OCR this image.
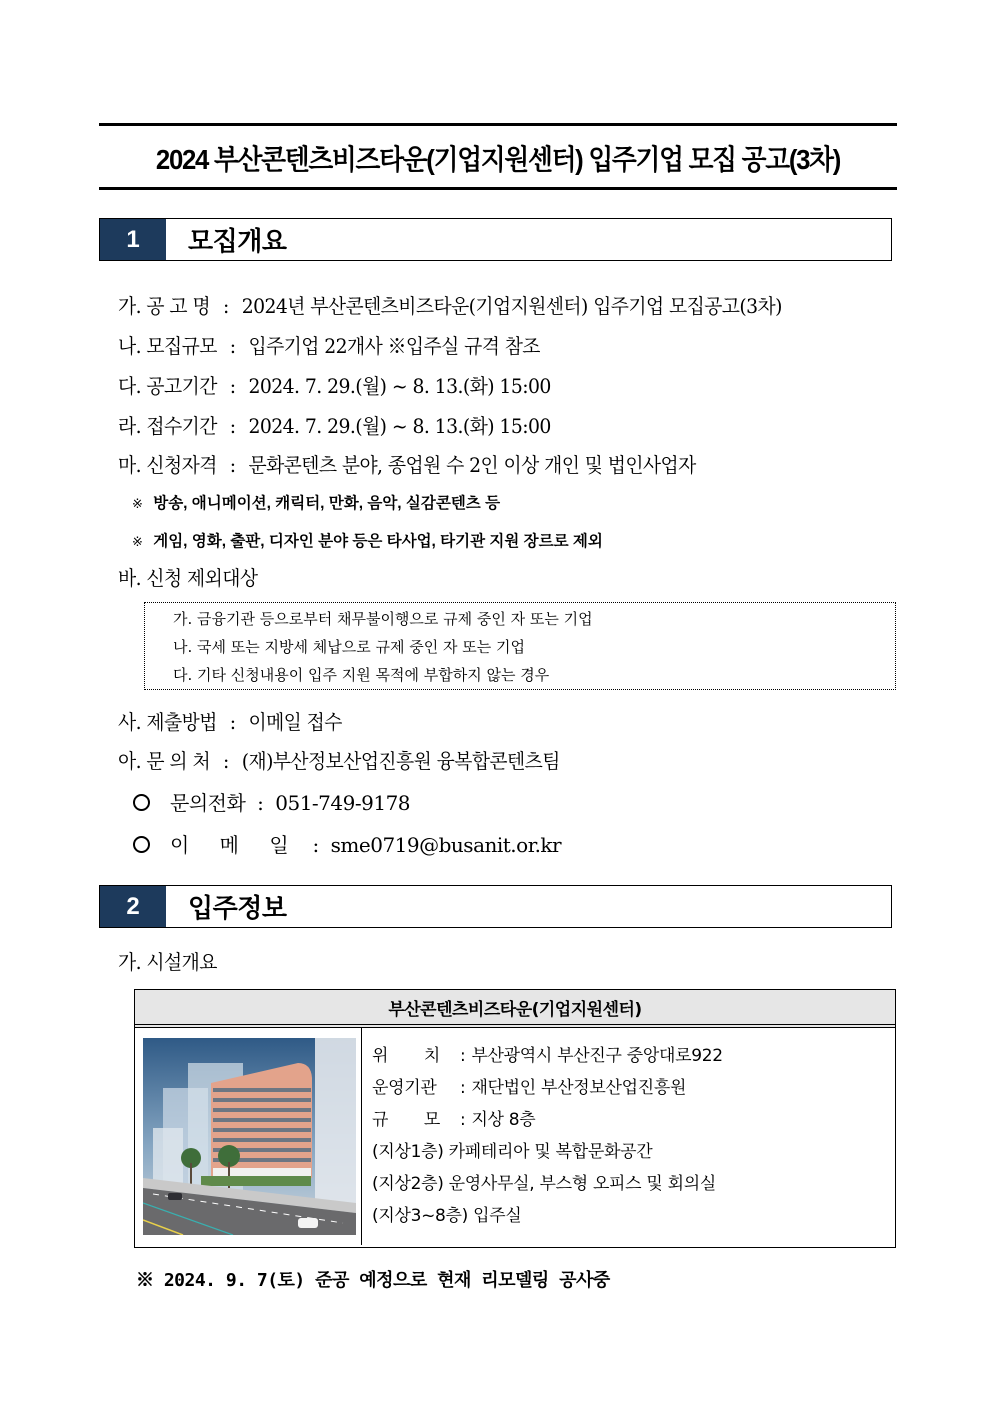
2024 부산콘텐츠비즈타운(기업지원센터) 입주기업 모집 공고(3차)
1	모집개요
가. 공 고 명 : 2024년 부산콘텐츠비즈타운(기업지원센터) 입주기업 모집공고(3차)
나. 모집규모 : 입주기업 22개사 ※입주실 규격 참조
다. 공고기간 : 2024. 7. 29.(월) ~ 8. 13.(화) 15:00
라. 접수기간 : 2024. 7. 29.(월) ~ 8. 13.(화) 15:00
마. 신청자격 : 문화콘텐츠 분야, 종업원 수 2인 이상 개인 및 법인사업자
※ 방송, 애니메이션, 캐릭터, 만화, 음악, 실감콘텐츠 등
※ 게임, 영화, 출판, 디자인 분야 등은 타사업, 타기관 지원 장르로 제외
바. 신청 제외대상
가. 금융기관 등으로부터 채무불이행으로 규제 중인 자 또는 기업
나. 국세 또는 지방세 체납으로 규제 중인 자 또는 기업
다. 기타 신청내용이 입주 지원 목적에 부합하지 않는 경우
사. 제출방법 : 이메일 접수
아. 문 의 처 : (재)부산정보산업진흥원 융복합콘텐츠팀
문의전화 : 051-749-9178
이 메 일 : sme0719@busanit.or.kr
2	입주정보
가. 시설개요
부산콘텐츠비즈타운(기업지원센터)
위       치 : 부산광역시 부산진구 중앙대로922
운영기관 : 재단법인 부산정보산업진흥원
규       모 : 지상 8층
(지상1층) 카페테리아 및 복합문화공간
(지상2층) 운영사무실, 부스형 오피스 및 회의실
(지상3~8층) 입주실
※ 2024. 9. 7(토) 준공 예정으로 현재 리모델링 공사중
